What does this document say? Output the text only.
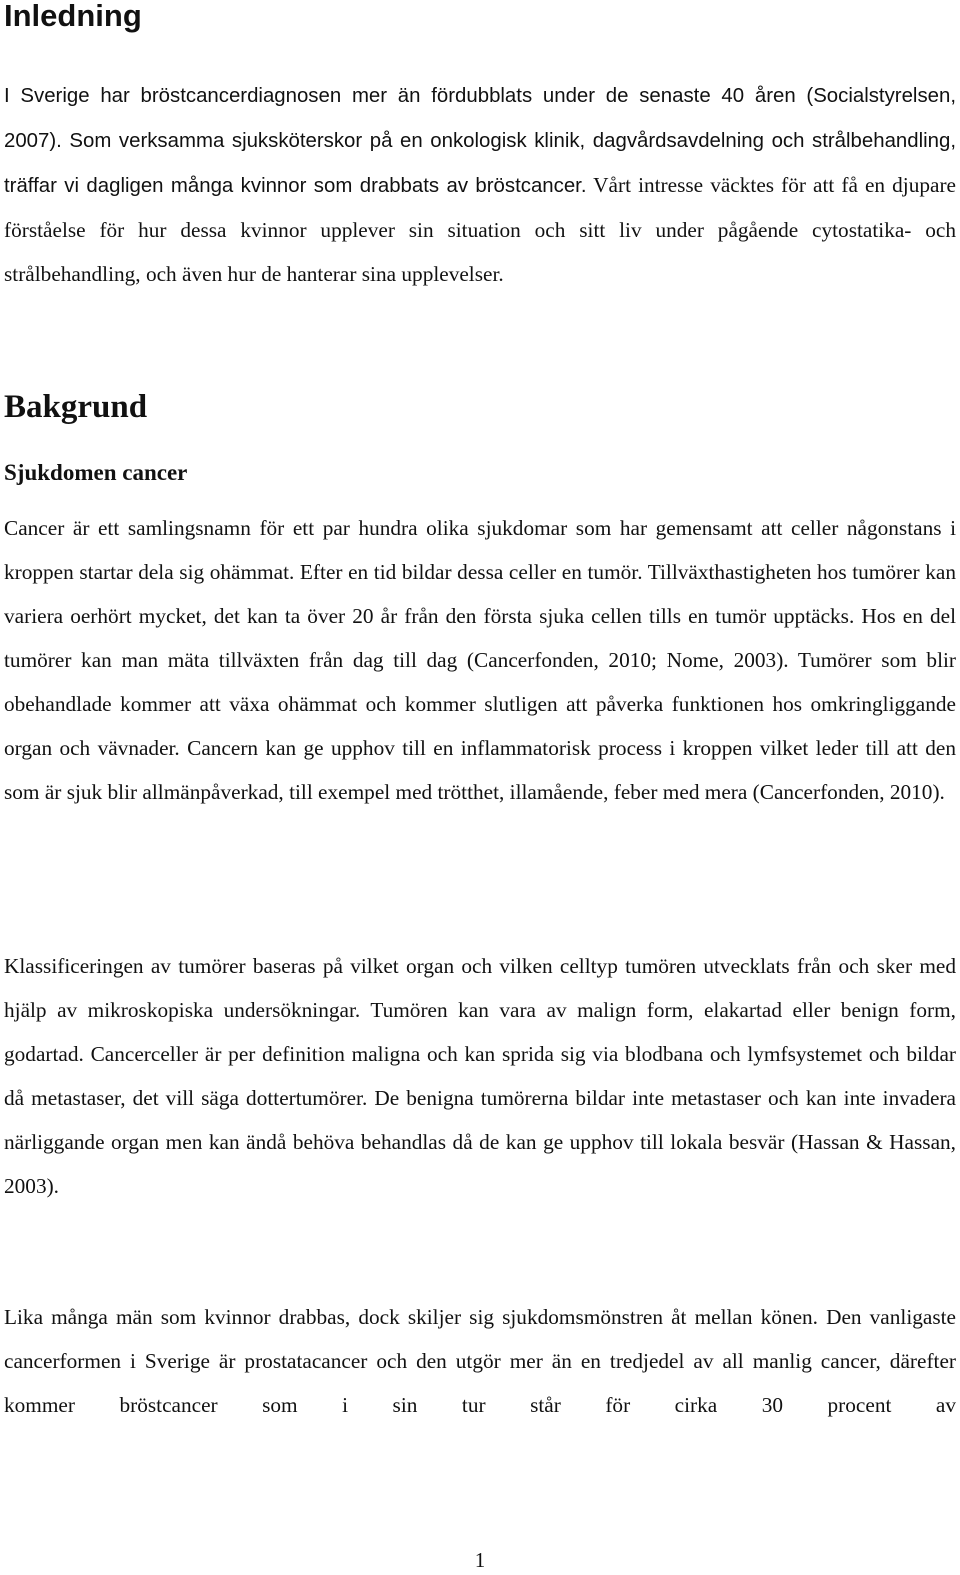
Inledning

I Sverige har bröstcancerdiagnosen mer än fördubblats under de senaste 40 åren (Socialstyrelsen, 2007). Som verksamma sjuksköterskor på en onkologisk klinik, dagvårdsavdelning och strålbehandling, träffar vi dagligen många kvinnor som drabbats av bröstcancer. Vårt intresse väcktes för att få en djupare förståelse för hur dessa kvinnor upplever sin situation och sitt liv under pågående cytostatika- och strålbehandling, och även hur de hanterar sina upplevelser.

Bakgrund
Sjukdomen cancer

Cancer är ett samlingsnamn för ett par hundra olika sjukdomar som har gemensamt att celler någonstans i kroppen startar dela sig ohämmat. Efter en tid bildar dessa celler en tumör. Tillväxthastigheten hos tumörer kan variera oerhört mycket, det kan ta över 20 år från den första sjuka cellen tills en tumör upptäcks. Hos en del tumörer kan man mäta tillväxten från dag till dag (Cancerfonden, 2010; Nome, 2003). Tumörer som blir obehandlade kommer att växa ohämmat och kommer slutligen att påverka funktionen hos omkringliggande organ och vävnader. Cancern kan ge upphov till en inflammatorisk process i kroppen vilket leder till att den som är sjuk blir allmänpåverkad, till exempel med trötthet, illamående, feber med mera (Cancerfonden, 2010).

Klassificeringen av tumörer baseras på vilket organ och vilken celltyp tumören utvecklats från och sker med hjälp av mikroskopiska undersökningar. Tumören kan vara av malign form, elakartad eller benign form, godartad. Cancerceller är per definition maligna och kan sprida sig via blodbana och lymfsystemet och bildar då metastaser, det vill säga dottertumörer. De benigna tumörerna bildar inte metastaser och kan inte invadera närliggande organ men kan ändå behöva behandlas då de kan ge upphov till lokala besvär (Hassan & Hassan, 2003).

Lika många män som kvinnor drabbas, dock skiljer sig sjukdomsmönstren åt mellan könen. Den vanligaste cancerformen i Sverige är prostatacancer och den utgör mer än en tredjedel av all manlig cancer, därefter kommer bröstcancer som i sin tur står för cirka 30 procent av

1
